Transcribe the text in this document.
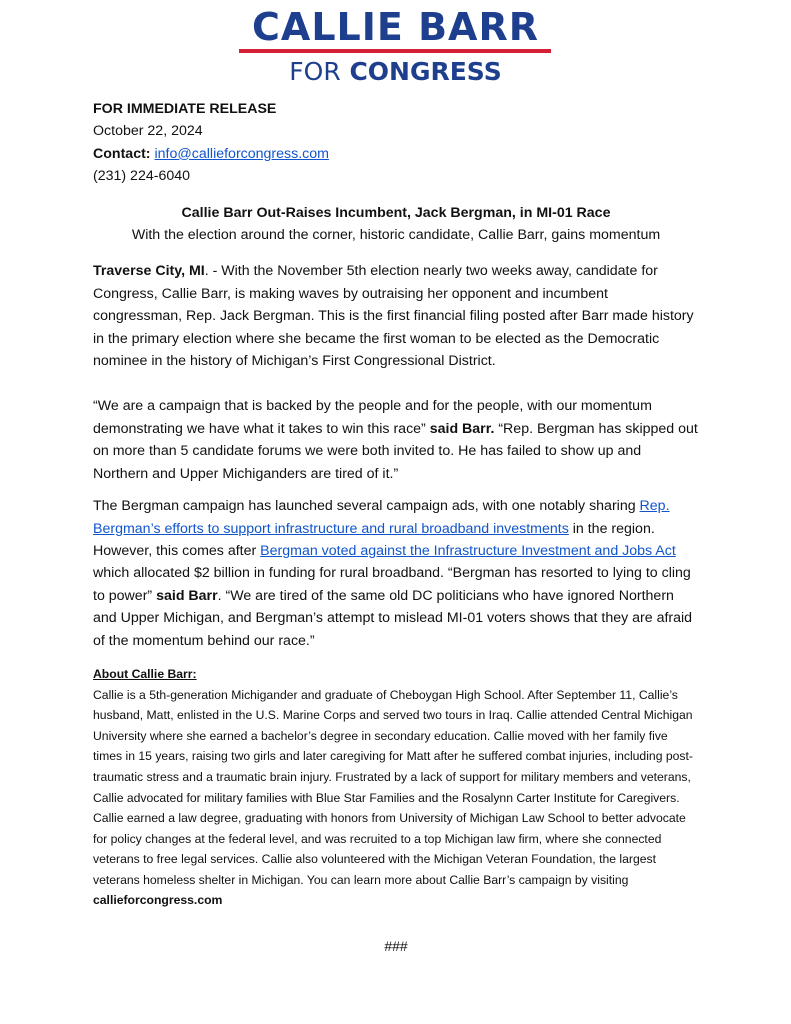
CALLIE BARR
FOR CONGRESS

FOR IMMEDIATE RELEASE

October 22, 2024

Contact: info@callieforcongress.com

(231) 224-6040

Callie Barr Out-Raises Incumbent, Jack Bergman, in MI-01 Race

With the election around the corner, historic candidate, Callie Barr, gains momentum

Traverse City, MI. - With the November 5th election nearly two weeks away, candidate for Congress, Callie Barr, is making waves by outraising her opponent and incumbent congressman, Rep. Jack Bergman. This is the first financial filing posted after Barr made history in the primary election where she became the first woman to be elected as the Democratic nominee in the history of Michigan’s First Congressional District.

“We are a campaign that is backed by the people and for the people, with our momentum demonstrating we have what it takes to win this race” said Barr. “Rep. Bergman has skipped out on more than 5 candidate forums we were both invited to. He has failed to show up and Northern and Upper Michiganders are tired of it.”

The Bergman campaign has launched several campaign ads, with one notably sharing Rep. Bergman’s efforts to support infrastructure and rural broadband investments in the region. However, this comes after Bergman voted against the Infrastructure Investment and Jobs Act which allocated $2 billion in funding for rural broadband. “Bergman has resorted to lying to cling to power” said Barr. “We are tired of the same old DC politicians who have ignored Northern and Upper Michigan, and Bergman’s attempt to mislead MI-01 voters shows that they are afraid of the momentum behind our race.”

About Callie Barr:

Callie is a 5th-generation Michigander and graduate of Cheboygan High School. After September 11, Callie’s husband, Matt, enlisted in the U.S. Marine Corps and served two tours in Iraq. Callie attended Central Michigan University where she earned a bachelor’s degree in secondary education. Callie moved with her family five times in 15 years, raising two girls and later caregiving for Matt after he suffered combat injuries, including post-traumatic stress and a traumatic brain injury. Frustrated by a lack of support for military members and veterans, Callie advocated for military families with Blue Star Families and the Rosalynn Carter Institute for Caregivers. Callie earned a law degree, graduating with honors from University of Michigan Law School to better advocate for policy changes at the federal level, and was recruited to a top Michigan law firm, where she connected veterans to free legal services. Callie also volunteered with the Michigan Veteran Foundation, the largest veterans homeless shelter in Michigan. You can learn more about Callie Barr’s campaign by visiting callieforcongress.com

###
